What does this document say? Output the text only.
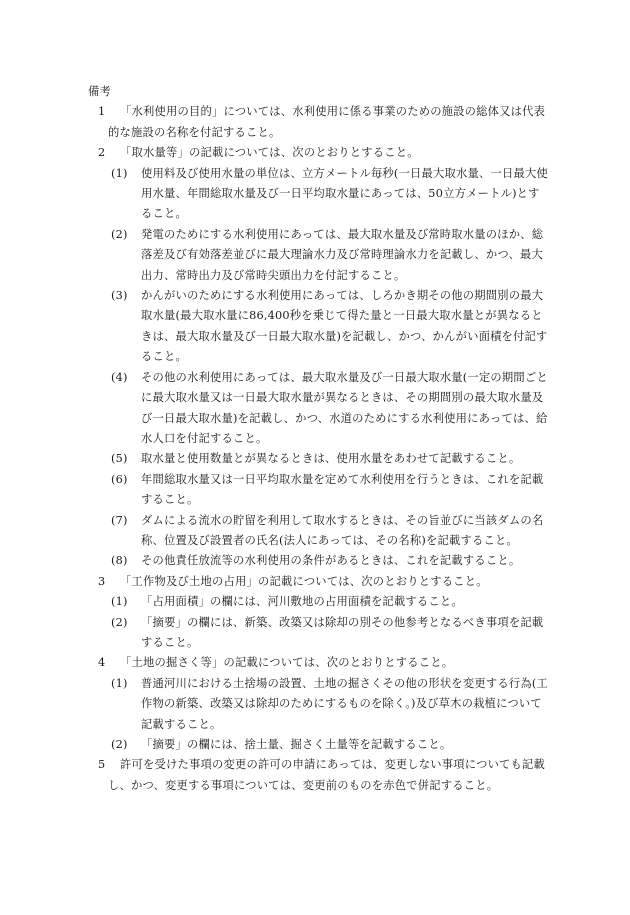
備考
1 「水利使用の目的」については、水利使用に係る事業のための施設の総体又は代表的な施設の名称を付記すること。
2 「取水量等」の記載については、次のとおりとすること。
(1) 使用料及び使用水量の単位は、立方メートル毎秒(一日最大取水量、一日最大使用水量、年間総取水量及び一日平均取水量にあっては、50立方メートル)とすること。
(2) 発電のためにする水利使用にあっては、最大取水量及び常時取水量のほか、総落差及び有効落差並びに最大理論水力及び常時理論水力を記載し、かつ、最大出力、常時出力及び常時尖頭出力を付記すること。
(3) かんがいのためにする水利使用にあっては、しろかき期その他の期間別の最大取水量(最大取水量に86,400秒を乗じて得た量と一日最大取水量とが異なるときは、最大取水量及び一日最大取水量)を記載し、かつ、かんがい面積を付記すること。
(4) その他の水利使用にあっては、最大取水量及び一日最大取水量(一定の期間ごとに最大取水量又は一日最大取水量が異なるときは、その期間別の最大取水量及び一日最大取水量)を記載し、かつ、水道のためにする水利使用にあっては、給水人口を付記すること。
(5) 取水量と使用数量とが異なるときは、使用水量をあわせて記載すること。
(6) 年間総取水量又は一日平均取水量を定めて水利使用を行うときは、これを記載すること。
(7) ダムによる流水の貯留を利用して取水するときは、その旨並びに当該ダムの名称、位置及び設置者の氏名(法人にあっては、その名称)を記載すること。
(8) その他責任放流等の水利使用の条件があるときは、これを記載すること。
3 「工作物及び土地の占用」の記載については、次のとおりとすること。
(1) 「占用面積」の欄には、河川敷地の占用面積を記載すること。
(2) 「摘要」の欄には、新築、改築又は除却の別その他参考となるべき事項を記載すること。
4 「土地の掘さく等」の記載については、次のとおりとすること。
(1) 普通河川における土捨場の設置、土地の掘さくその他の形状を変更する行為(工作物の新築、改築又は除却のためにするものを除く。)及び草木の栽植について記載すること。
(2) 「摘要」の欄には、捨土量、掘さく土量等を記載すること。
5 許可を受けた事項の変更の許可の申請にあっては、変更しない事項についても記載し、かつ、変更する事項については、変更前のものを赤色で併記すること。
